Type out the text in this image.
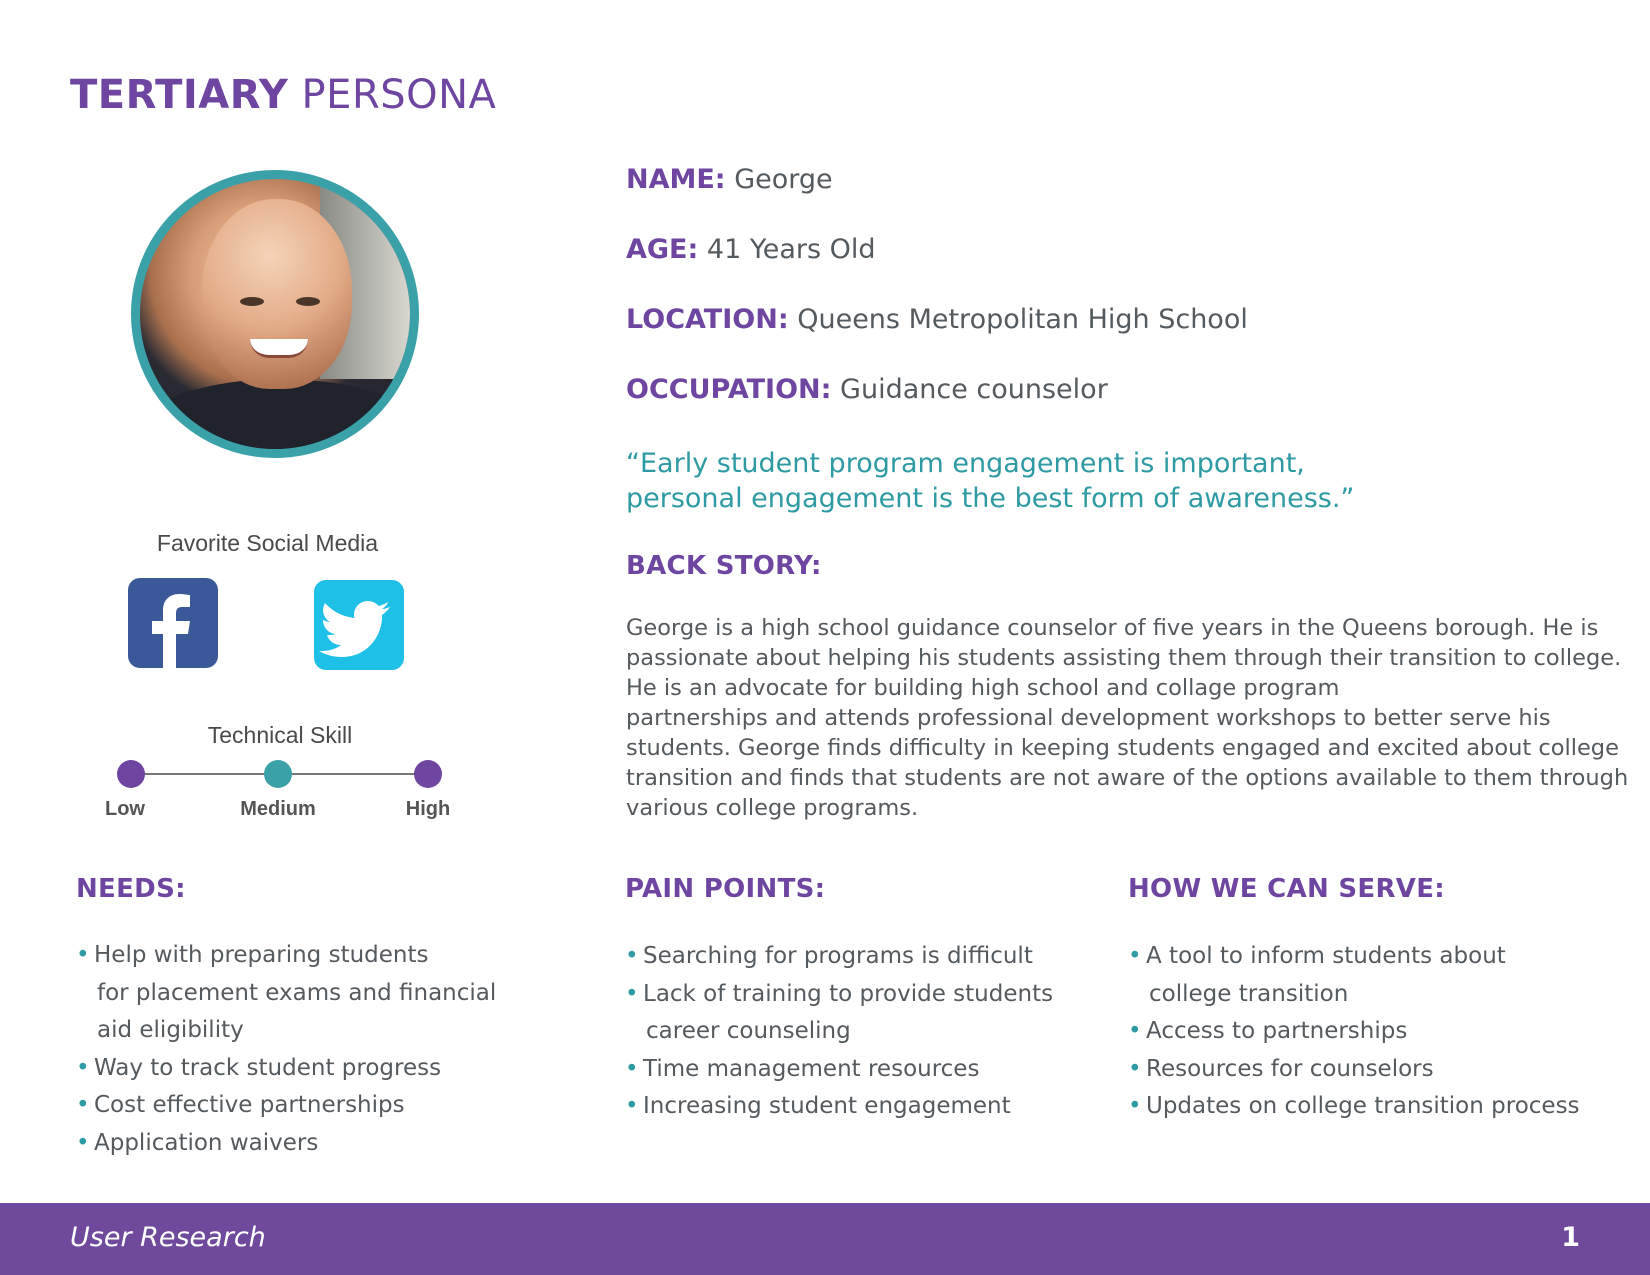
TERTIARY PERSONA
Favorite Social Media
Technical Skill
Low	Medium	High
NAME: George
AGE: 41 Years Old
LOCATION: Queens Metropolitan High School
OCCUPATION: Guidance counselor
“Early student program engagement is important,
personal engagement is the best form of awareness.”
BACK STORY:
George is a high school guidance counselor of five years in the Queens borough. He is
passionate about helping his students assisting them through their transition to college.
He is an advocate for building high school and collage program
partnerships and attends professional development workshops to better serve his
students. George finds difficulty in keeping students engaged and excited about college
transition and finds that students are not aware of the options available to them through
various college programs.
NEEDS:
• Help with preparing students
for placement exams and financial
aid eligibility
• Way to track student progress
• Cost effective partnerships
• Application waivers
PAIN POINTS:
• Searching for programs is difficult
• Lack of training to provide students
career counseling
• Time management resources
• Increasing student engagement
HOW WE CAN SERVE:
• A tool to inform students about
college transition
• Access to partnerships
• Resources for counselors
• Updates on college transition process
User Research	1
